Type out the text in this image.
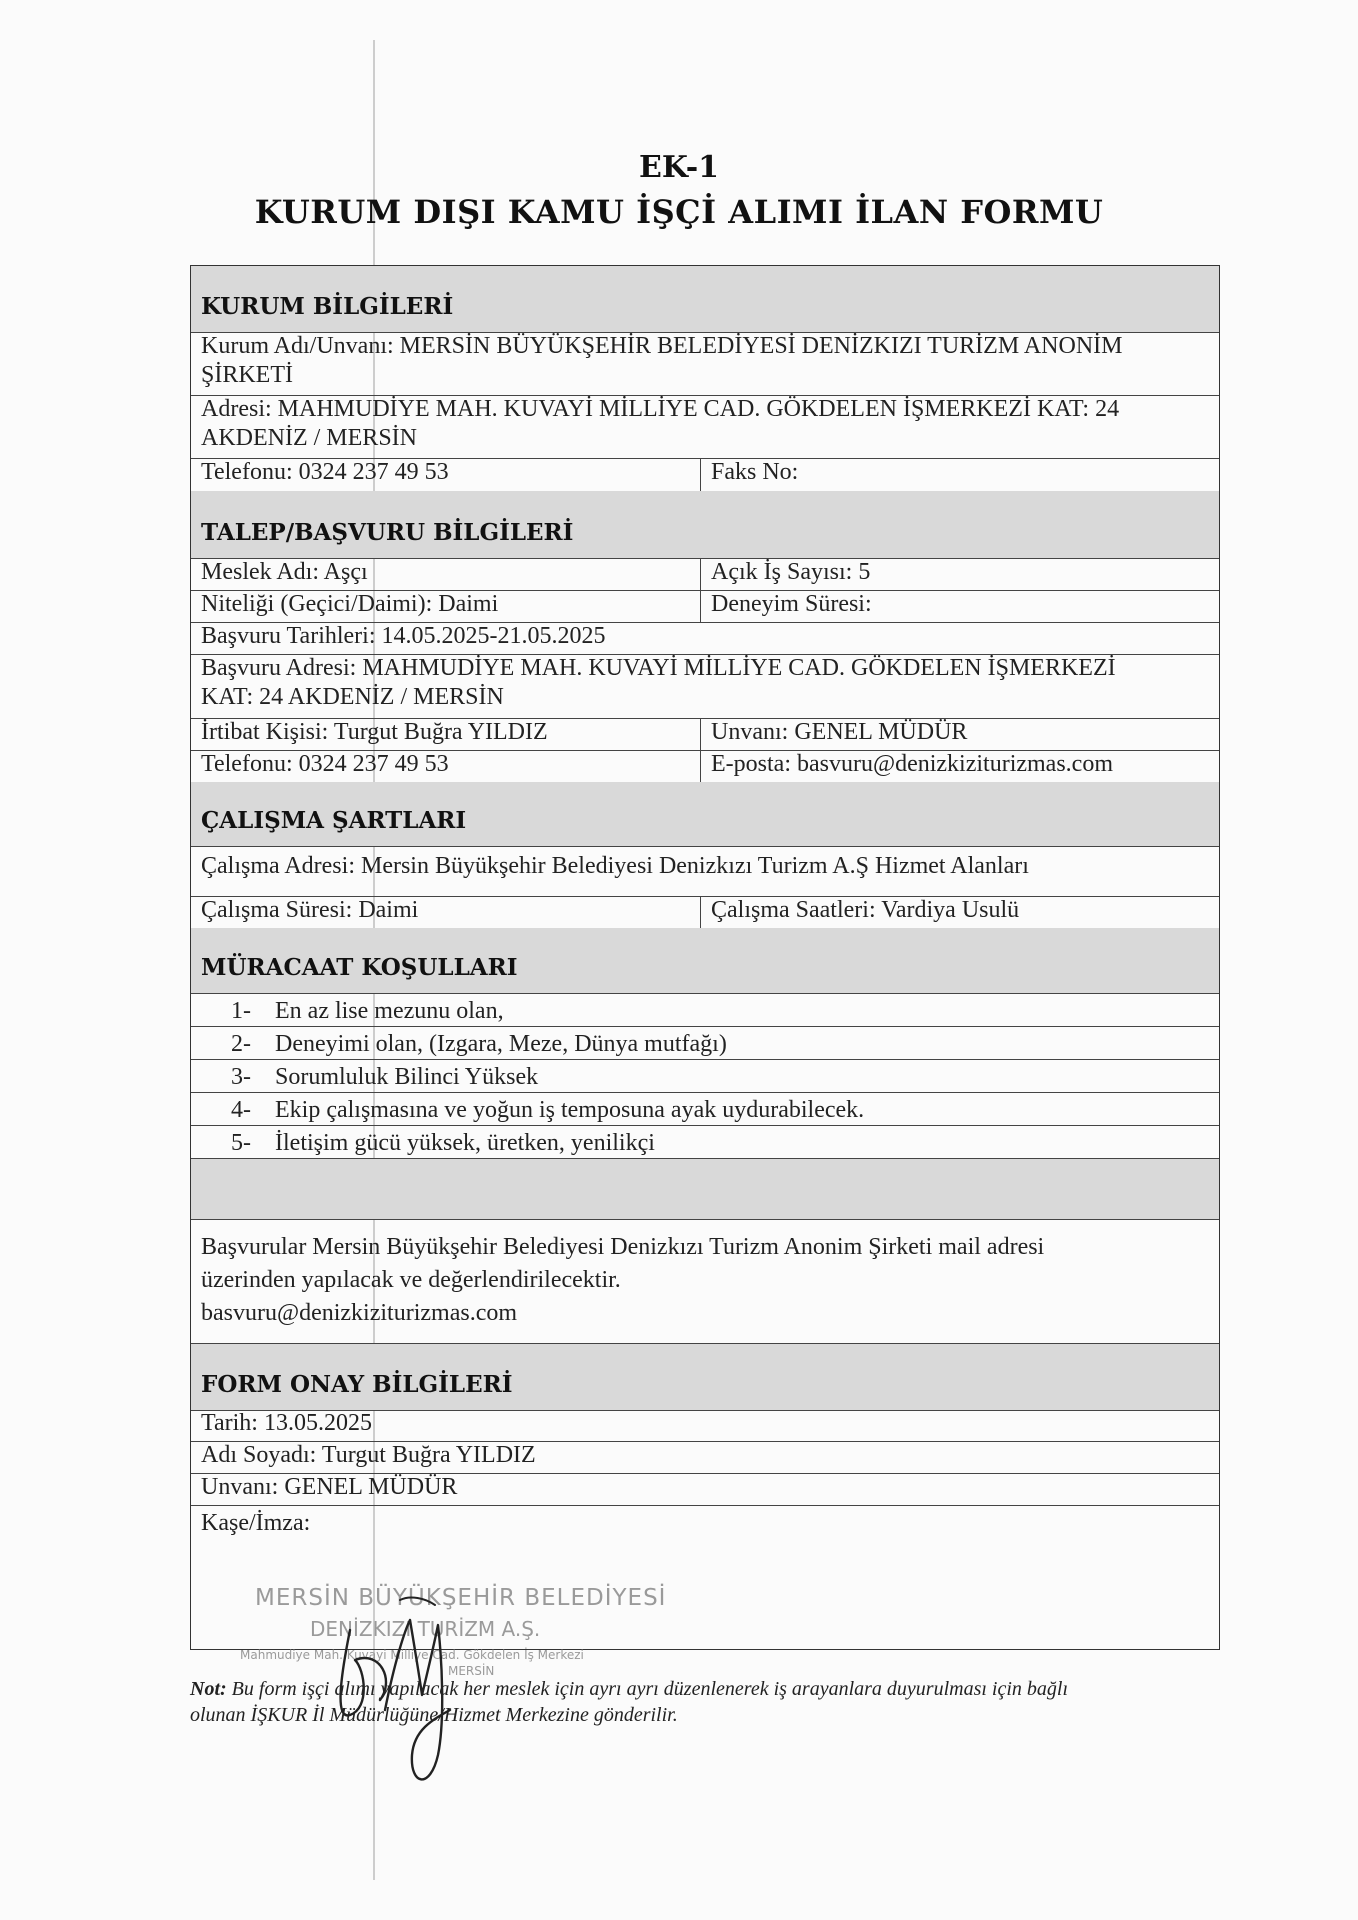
EK-1
KURUM DIŞI KAMU İŞÇİ ALIMI İLAN FORMU
KURUM BİLGİLERİ
Kurum Adı/Unvanı: MERSİN BÜYÜKŞEHİR BELEDİYESİ DENİZKIZI TURİZM ANONİM
ŞİRKETİ
Adresi: MAHMUDİYE MAH. KUVAYİ MİLLİYE CAD. GÖKDELEN İŞMERKEZİ KAT: 24
AKDENİZ / MERSİN
Telefonu: 0324 237 49 53	Faks No:
TALEP/BAŞVURU BİLGİLERİ
Meslek Adı: Aşçı	Açık İş Sayısı: 5
Niteliği (Geçici/Daimi): Daimi	Deneyim Süresi:
Başvuru Tarihleri: 14.05.2025-21.05.2025
Başvuru Adresi: MAHMUDİYE MAH. KUVAYİ MİLLİYE CAD. GÖKDELEN İŞMERKEZİ
KAT: 24 AKDENİZ / MERSİN
İrtibat Kişisi: Turgut Buğra YILDIZ	Unvanı: GENEL MÜDÜR
Telefonu: 0324 237 49 53	E-posta: basvuru@denizkiziturizmas.com
ÇALIŞMA ŞARTLARI
Çalışma Adresi: Mersin Büyükşehir Belediyesi Denizkızı Turizm A.Ş Hizmet Alanları
Çalışma Süresi: Daimi	Çalışma Saatleri: Vardiya Usulü
MÜRACAAT KOŞULLARI
1- En az lise mezunu olan,
2- Deneyimi olan, (Izgara, Meze, Dünya mutfağı)
3- Sorumluluk Bilinci Yüksek
4- Ekip çalışmasına ve yoğun iş temposuna ayak uydurabilecek.
5- İletişim gücü yüksek, üretken, yenilikçi
Başvurular Mersin Büyükşehir Belediyesi Denizkızı Turizm Anonim Şirketi mail adresi
üzerinden yapılacak ve değerlendirilecektir.
basvuru@denizkiziturizmas.com
FORM ONAY BİLGİLERİ
Tarih: 13.05.2025
Adı Soyadı: Turgut Buğra YILDIZ
Unvanı: GENEL MÜDÜR
Kaşe/İmza:
MERSİN BÜYÜKŞEHİR BELEDİYESİ
DENİZKIZI TURİZM A.Ş.
Mahmudiye Mah. Kuvayi Milliye Cad. Gökdelen İş Merkezi
MERSİN
Not: Bu form işçi alımı yapılacak her meslek için ayrı ayrı düzenlenerek iş arayanlara duyurulması için bağlı
olunan İŞKUR İl Müdürlüğüne/Hizmet Merkezine gönderilir.
